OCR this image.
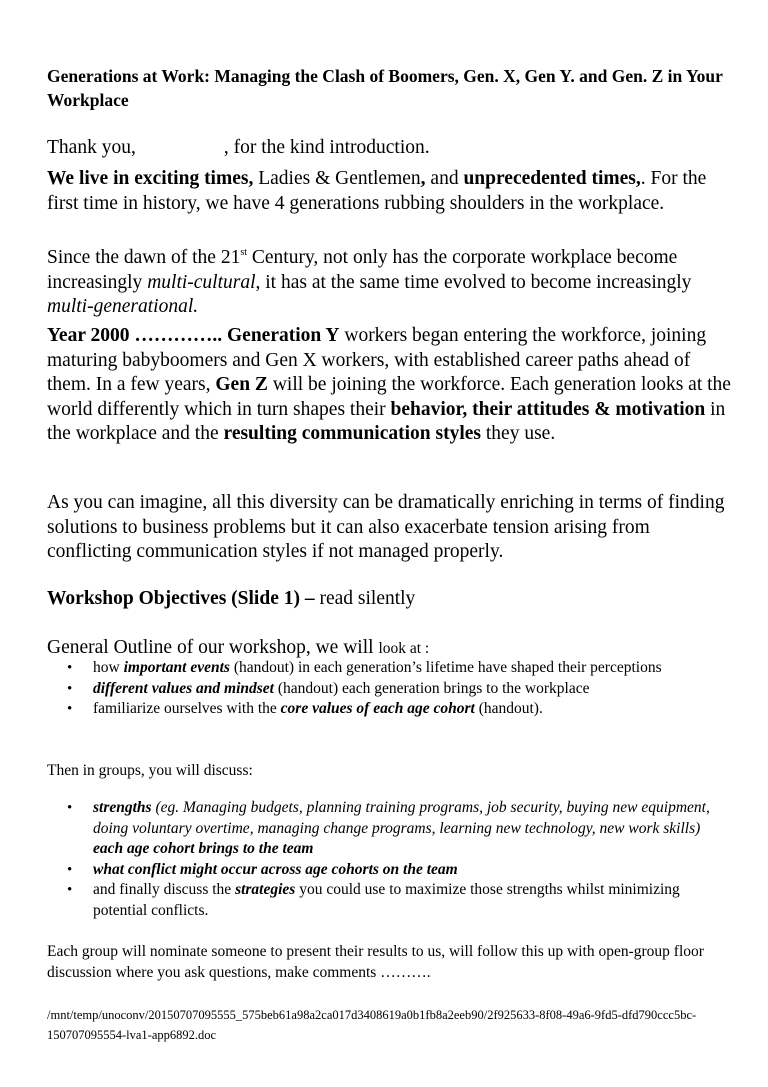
Generations at Work: Managing the Clash of Boomers, Gen. X, Gen Y. and Gen. Z in Your Workplace
Thank you,	, for the kind introduction.
We live in exciting times, Ladies & Gentlemen, and unprecedented times,. For the first time in history, we have 4 generations rubbing shoulders in the workplace.
Since the dawn of the 21st Century, not only has the corporate workplace become increasingly multi-cultural, it has at the same time evolved to become increasingly multi-generational.
Year 2000 ………….. Generation Y workers began entering the workforce, joining maturing babyboomers and Gen X workers, with established career paths ahead of them. In a few years, Gen Z will be joining the workforce. Each generation looks at the world differently which in turn shapes their behavior, their attitudes & motivation in the workplace and the resulting communication styles they use.
As you can imagine, all this diversity can be dramatically enriching in terms of finding solutions to business problems but it can also exacerbate tension arising from conflicting communication styles if not managed properly.
Workshop Objectives (Slide 1) – read silently
General Outline of our workshop, we will look at :
• how important events (handout) in each generation’s lifetime have shaped their perceptions
• different values and mindset (handout) each generation brings to the workplace
• familiarize ourselves with the core values of each age cohort (handout).
Then in groups, you will discuss:
• strengths (eg. Managing budgets, planning training programs, job security, buying new equipment, doing voluntary overtime, managing change programs, learning new technology, new work skills) each age cohort brings to the team
• what conflict might occur across age cohorts on the team
• and finally discuss the strategies you could use to maximize those strengths whilst minimizing potential conflicts.
Each group will nominate someone to present their results to us, will follow this up with open-group floor discussion where you ask questions, make comments ……….
/mnt/temp/unoconv/20150707095555_575beb61a98a2ca017d3408619a0b1fb8a2eeb90/2f925633-8f08-49a6-9fd5-dfd790ccc5bc-150707095554-lva1-app6892.doc
